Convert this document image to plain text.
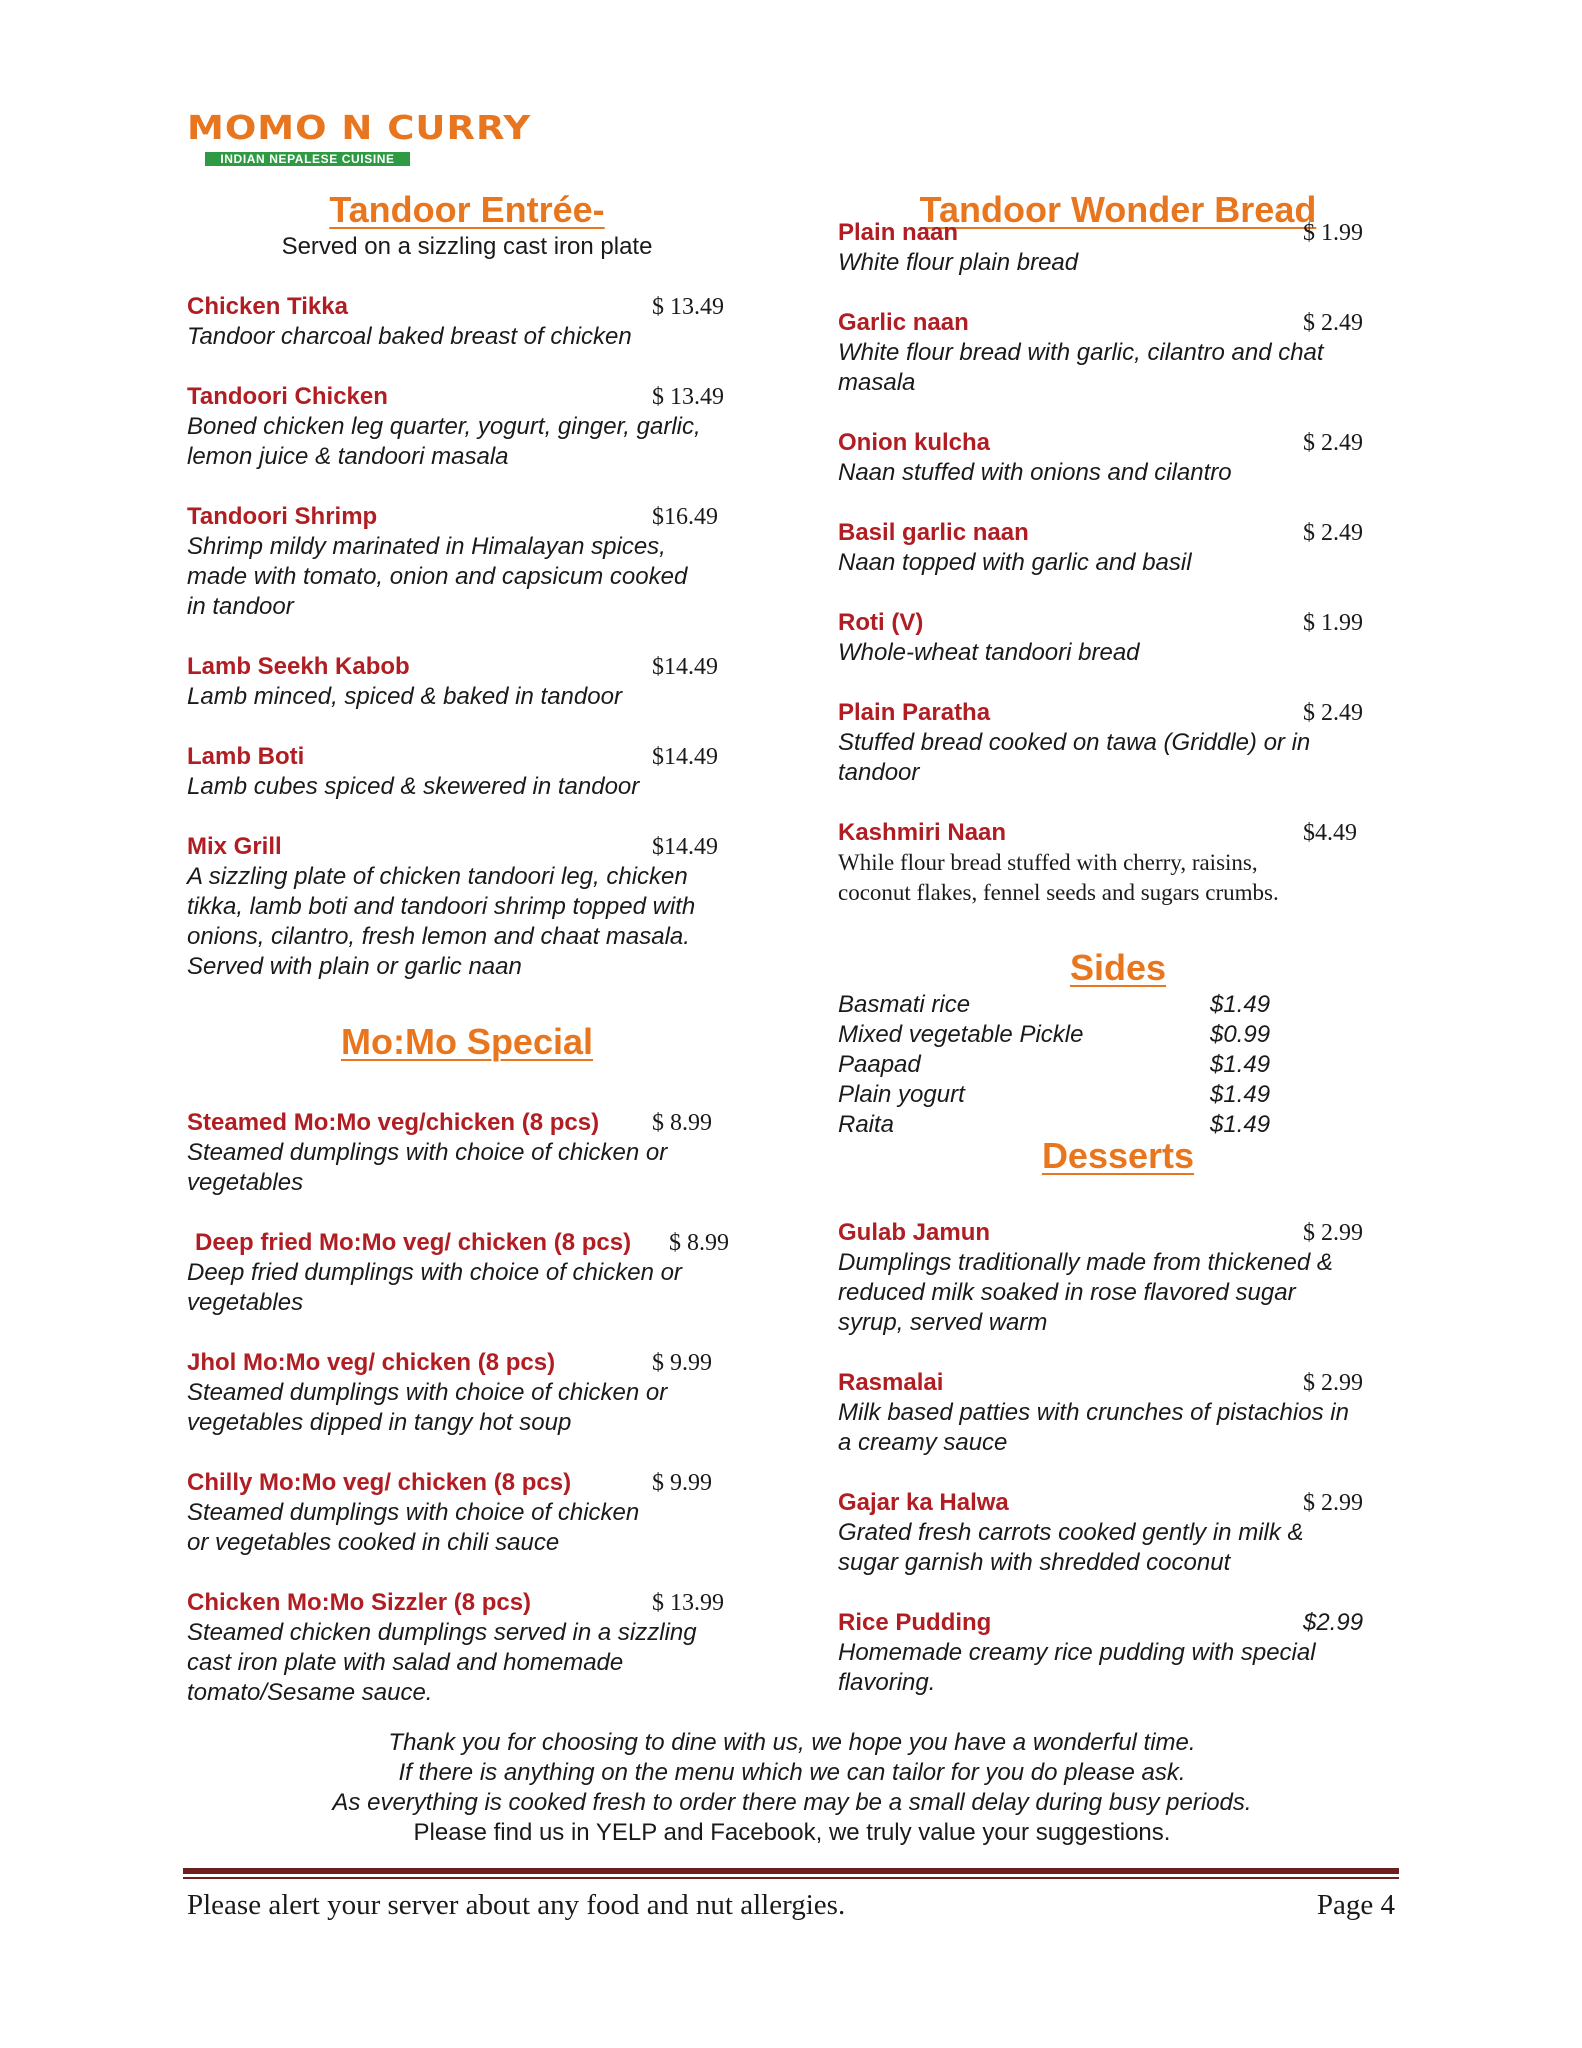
MOMO N CURRY
INDIAN NEPALESE CUISINE
Tandoor Entrée-
Served on a sizzling cast iron plate
Chicken Tikka	$ 13.49
Tandoor charcoal baked breast of chicken
Tandoori Chicken	$ 13.49
Boned chicken leg quarter, yogurt, ginger, garlic,
lemon juice & tandoori masala
Tandoori Shrimp	$16.49
Shrimp mildy marinated in Himalayan spices,
made with tomato, onion and capsicum cooked
in tandoor
Lamb Seekh Kabob	$14.49
Lamb minced, spiced & baked in tandoor
Lamb Boti	$14.49
Lamb cubes spiced & skewered in tandoor
Mix Grill	$14.49
A sizzling plate of chicken tandoori leg, chicken
tikka, lamb boti and tandoori shrimp topped with
onions, cilantro, fresh lemon and chaat masala.
Served with plain or garlic naan
Mo:Mo Special
Steamed Mo:Mo veg/chicken (8 pcs) $ 8.99
Steamed dumplings with choice of chicken or
vegetables
Deep fried Mo:Mo veg/ chicken (8 pcs) $ 8.99
Deep fried dumplings with choice of chicken or
vegetables
Jhol Mo:Mo veg/ chicken (8 pcs)	$ 9.99
Steamed dumplings with choice of chicken or
vegetables dipped in tangy hot soup
Chilly Mo:Mo veg/ chicken (8 pcs)	$ 9.99
Steamed dumplings with choice of chicken
or vegetables cooked in chili sauce
Chicken Mo:Mo Sizzler (8 pcs)	$ 13.99
Steamed chicken dumplings served in a sizzling
cast iron plate with salad and homemade
tomato/Sesame sauce.
Tandoor Wonder Bread
Plain naan	$ 1.99
White flour plain bread
Garlic naan	$ 2.49
White flour bread with garlic, cilantro and chat
masala
Onion kulcha	$ 2.49
Naan stuffed with onions and cilantro
Basil garlic naan	$ 2.49
Naan topped with garlic and basil
Roti (V)	$ 1.99
Whole-wheat tandoori bread
Plain Paratha	$ 2.49
Stuffed bread cooked on tawa (Griddle) or in
tandoor
Kashmiri Naan	$4.49
While flour bread stuffed with cherry, raisins,
coconut flakes, fennel seeds and sugars crumbs.
Sides
Basmati rice	$1.49
Mixed vegetable Pickle	$0.99
Paapad	$1.49
Plain yogurt	$1.49
Raita	$1.49
Desserts
Gulab Jamun	$ 2.99
Dumplings traditionally made from thickened &
reduced milk soaked in rose flavored sugar
syrup, served warm
Rasmalai	$ 2.99
Milk based patties with crunches of pistachios in
a creamy sauce
Gajar ka Halwa	$ 2.99
Grated fresh carrots cooked gently in milk &
sugar garnish with shredded coconut
Rice Pudding	$2.99
Homemade creamy rice pudding with special
flavoring.
Thank you for choosing to dine with us, we hope you have a wonderful time.
If there is anything on the menu which we can tailor for you do please ask.
As everything is cooked fresh to order there may be a small delay during busy periods.
Please find us in YELP and Facebook, we truly value your suggestions.
Please alert your server about any food and nut allergies.	Page 4
